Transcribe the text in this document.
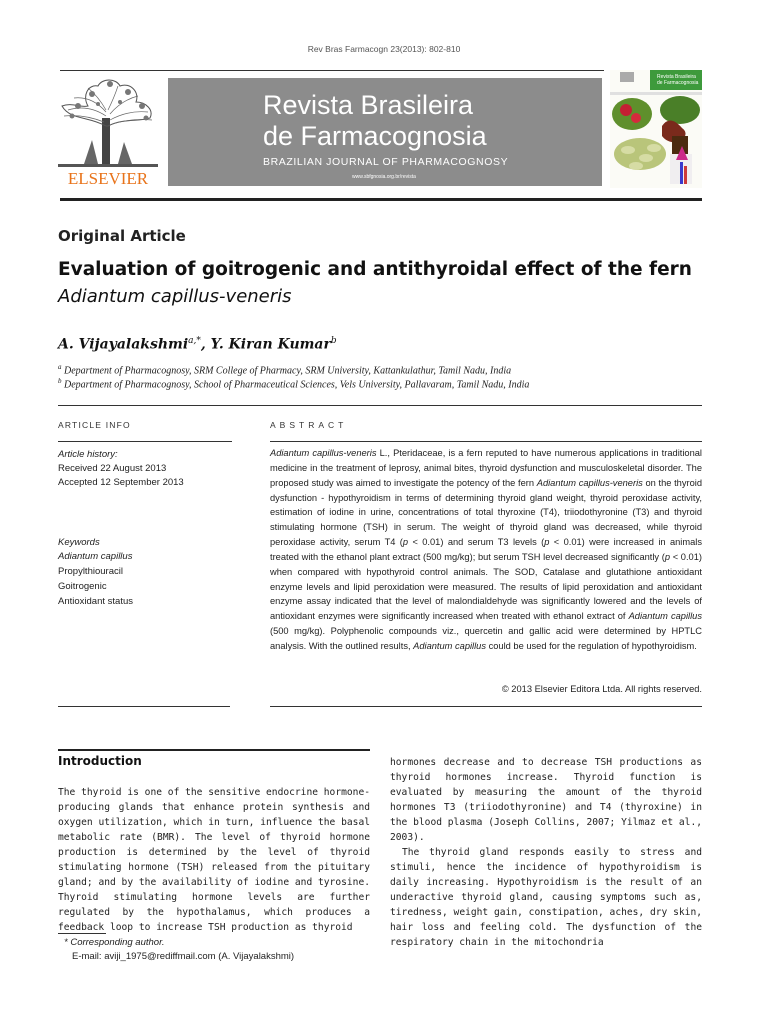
Rev Bras Farmacogn 23(2013): 802-810
ELSEVIER
Revista Brasileira
de Farmacognosia
BRAZILIAN JOURNAL OF PHARMACOGNOSY
www.sbfgnosia.org.br/revista
Revista Brasileira
de Farmacognosia
Original Article
Evaluation of goitrogenic and antithyroidal effect of the fern
Adiantum capillus-veneris
A. Vijayalakshmi$^{a,*}$, Y. Kiran Kumar$^b$
$^a$ Department of Pharmacognosy, SRM College of Pharmacy, SRM University, Kattankulathur, Tamil Nadu, India
$^b$ Department of Pharmacognosy, School of Pharmaceutical Sciences, Vels University, Pallavaram, Tamil Nadu, India
ARTICLE INFO
Article history:
Received 22 August 2013
Accepted 12 September 2013
Keywords
Adiantum capillus
Propylthiouracil
Goitrogenic
Antioxidant status
ABSTRACT
Adiantum capillus-veneris L., Pteridaceae, is a fern reputed to have numerous applications in traditional medicine in the treatment of leprosy, animal bites, thyroid dysfunction and musculoskeletal disorder. The proposed study was aimed to investigate the potency of the fern Adiantum capillus-veneris on the thyroid dysfunction - hypothyroidism in terms of determining thyroid gland weight, thyroid peroxidase activity, estimation of iodine in urine, concentrations of total thyroxine (T4), triiodothyronine (T3) and thyroid stimulating hormone (TSH) in serum. The weight of thyroid gland was decreased, while thyroid peroxidase activity, serum T4 (p < 0.01) and serum T3 levels (p < 0.01) were increased in animals treated with the ethanol plant extract (500 mg/kg); but serum TSH level decreased significantly (p < 0.01) when compared with hypothyroid control animals. The SOD, Catalase and glutathione antioxidant enzyme levels and lipid peroxidation were measured. The results of lipid peroxidation and antioxidant enzyme assay indicated that the level of malondialdehyde was significantly lowered and the levels of antioxidant enzymes were significantly increased when treated with ethanol extract of Adiantum capillus (500 mg/kg). Polyphenolic compounds viz., quercetin and gallic acid were determined by HPTLC analysis. With the outlined results, Adiantum capillus could be used for the regulation of hypothyroidism.
© 2013 Elsevier Editora Ltda. All rights reserved.
Introduction

The thyroid is one of the sensitive endocrine hormone-producing glands that enhance protein synthesis and oxygen utilization, which in turn, influence the basal metabolic rate (BMR). The level of thyroid hormone production is determined by the level of thyroid stimulating hormone (TSH) released from the pituitary gland; and by the availability of iodine and tyrosine. Thyroid stimulating hormone levels are further regulated by the hypothalamus, which produces a feedback loop to increase TSH production as thyroid

hormones decrease and to decrease TSH productions as thyroid hormones increase. Thyroid function is evaluated by measuring the amount of the thyroid hormones T3 (triiodothyronine) and T4 (thyroxine) in the blood plasma (Joseph Collins, 2007; Yilmaz et al., 2003).

The thyroid gland responds easily to stress and stimuli, hence the incidence of hypothyroidism is daily increasing. Hypothyroidism is the result of an underactive thyroid gland, causing symptoms such as, tiredness, weight gain, constipation, aches, dry skin, hair loss and feeling cold. The dysfunction of the respiratory chain in the mitochondria

* Corresponding author.
E-mail: aviji_1975@rediffmail.com (A. Vijayalakshmi)
